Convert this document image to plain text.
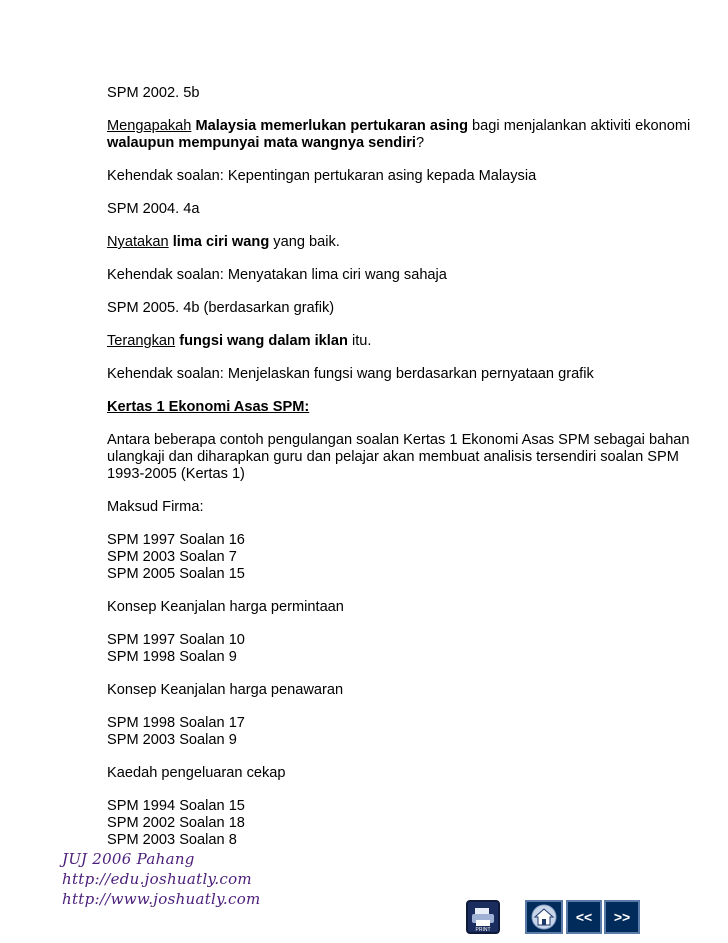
SPM 2002. 5b

Mengapakah Malaysia memerlukan pertukaran asing bagi menjalankan aktiviti ekonomi walaupun mempunyai mata wangnya sendiri?

Kehendak soalan: Kepentingan pertukaran asing kepada Malaysia

SPM 2004. 4a

Nyatakan lima ciri wang yang baik.

Kehendak soalan: Menyatakan lima ciri wang sahaja

SPM 2005. 4b (berdasarkan grafik)

Terangkan fungsi wang dalam iklan itu.

Kehendak soalan: Menjelaskan fungsi wang berdasarkan pernyataan grafik

Kertas 1 Ekonomi Asas SPM:

Antara beberapa contoh pengulangan soalan Kertas 1 Ekonomi Asas SPM sebagai bahan ulangkaji dan diharapkan guru dan pelajar akan membuat analisis tersendiri soalan SPM 1993-2005 (Kertas 1)

Maksud Firma:

SPM 1997 Soalan 16

SPM 2003 Soalan 7

SPM 2005 Soalan 15

Konsep Keanjalan harga permintaan

SPM 1997 Soalan 10

SPM 1998 Soalan 9

Konsep Keanjalan harga penawaran

SPM 1998 Soalan 17

SPM 2003 Soalan 9

Kaedah pengeluaran cekap

SPM 1994 Soalan 15

SPM 2002 Soalan 18

SPM 2003 Soalan 8

JUJ 2006 Pahang
http://edu.joshuatly.com
http://www.joshuatly.com
PRINT
<<	>>
